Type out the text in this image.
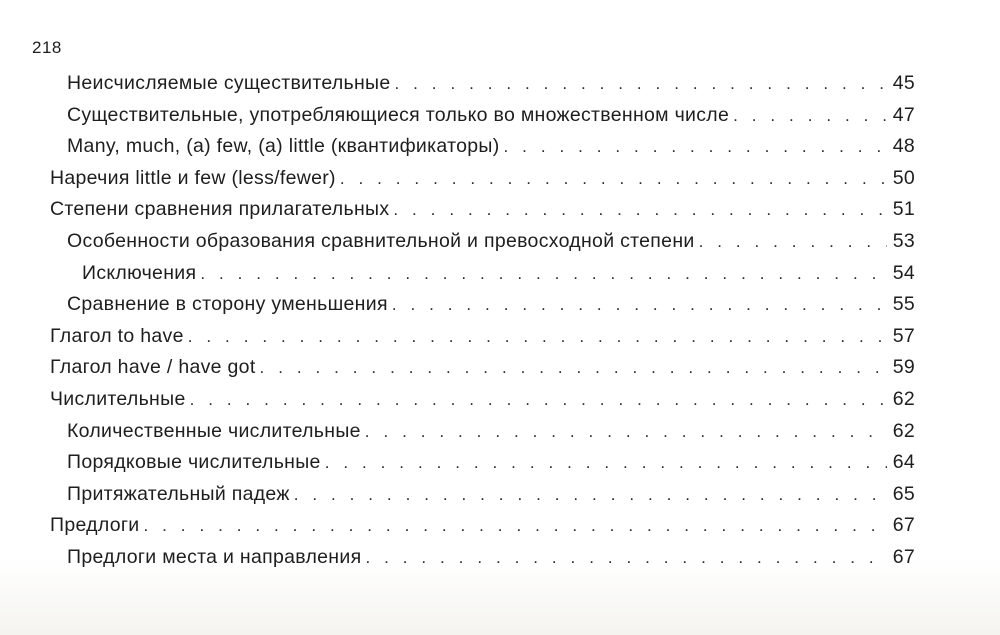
218
Неисчисляемые существительные . . .	45
Существительные, употребляющиеся только во множественном числе . . .	47
Many, much, (a) few, (a) little (квантификаторы) . . .	48
Наречия little и few (less/fewer) . . .	50
Степени сравнения прилагательных . . .	51
Особенности образования сравнительной и превосходной степени . . .	53
Исключения . . .	54
Сравнение в сторону уменьшения . . .	55
Глагол to have . . .	57
Глагол have / have got . . .	59
Числительные . . .	62
Количественные числительные . . .	62
Порядковые числительные . . .	64
Притяжательный падеж . . .	65
Предлоги . . .	67
Предлоги места и направления . . .	67
